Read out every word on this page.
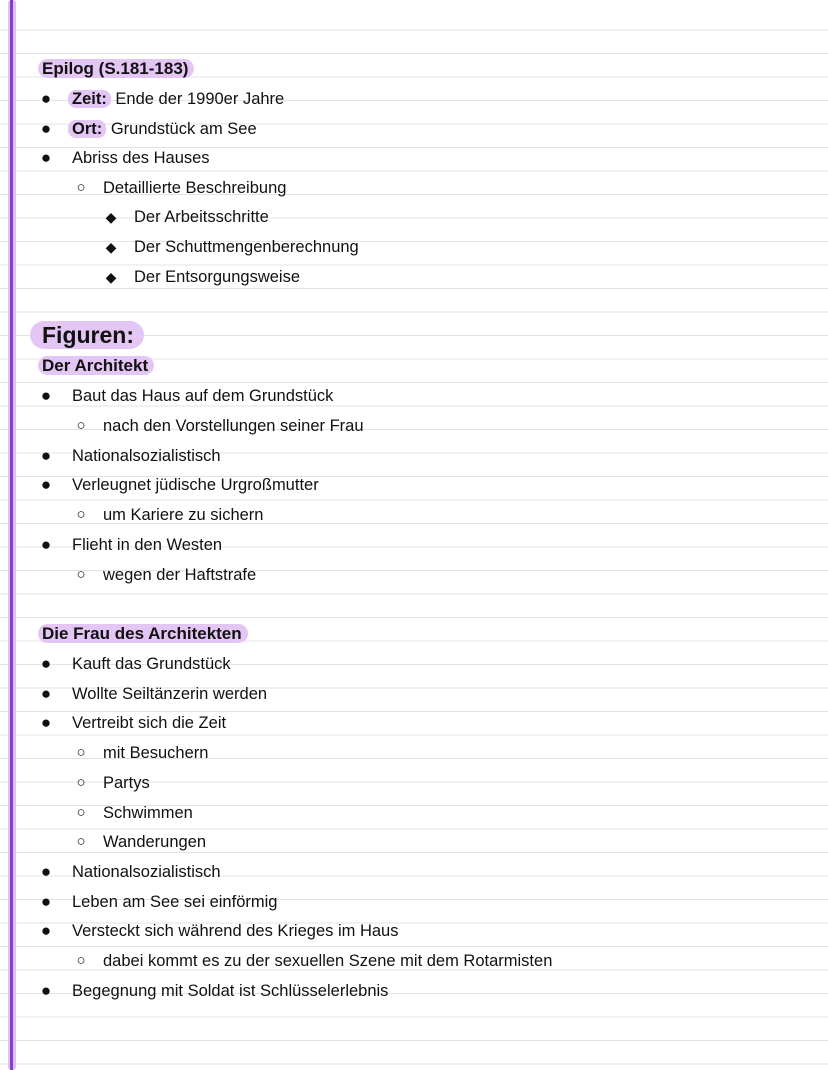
Epilog (S.181-183)
● Zeit: Ende der 1990er Jahre
● Ort: Grundstück am See
● Abriss des Hauses
○ Detaillierte Beschreibung
◆ Der Arbeitsschritte
◆ Der Schuttmengenberechnung
◆ Der Entsorgungsweise
Figuren:
Der Architekt
● Baut das Haus auf dem Grundstück
○ nach den Vorstellungen seiner Frau
● Nationalsozialistisch
● Verleugnet jüdische Urgroßmutter
○ um Kariere zu sichern
● Flieht in den Westen
○ wegen der Haftstrafe
Die Frau des Architekten
● Kauft das Grundstück
● Wollte Seiltänzerin werden
● Vertreibt sich die Zeit
○ mit Besuchern
○ Partys
○ Schwimmen
○ Wanderungen
● Nationalsozialistisch
● Leben am See sei einförmig
● Versteckt sich während des Krieges im Haus
○ dabei kommt es zu der sexuellen Szene mit dem Rotarmisten
● Begegnung mit Soldat ist Schlüsselerlebnis
